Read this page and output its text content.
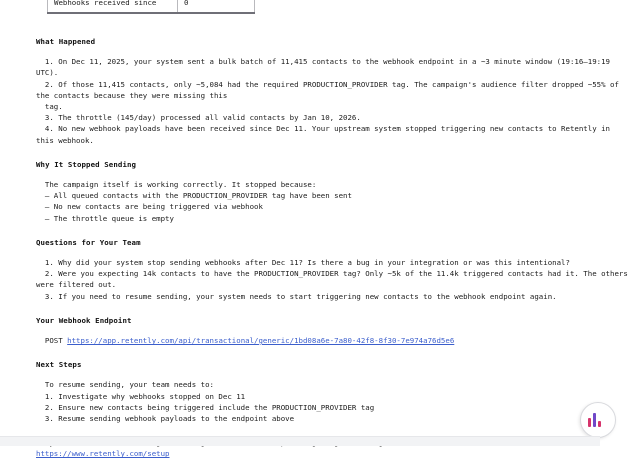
Webhooks received since	0
What Happened
1. On Dec 11, 2025, your system sent a bulk batch of 11,415 contacts to the webhook endpoint in a ~3 minute window (19:16–19:19
UTC).
2. Of those 11,415 contacts, only ~5,084 had the required PRODUCTION_PROVIDER tag. The campaign's audience filter dropped ~55% of
the contacts because they were missing this
tag.
3. The throttle (145/day) processed all valid contacts by Jan 10, 2026.
4. No new webhook payloads have been received since Dec 11. Your upstream system stopped triggering new contacts to Retently in
this webhook.
Why It Stopped Sending
The campaign itself is working correctly. It stopped because:
– All queued contacts with the PRODUCTION_PROVIDER tag have been sent
– No new contacts are being triggered via webhook
– The throttle queue is empty
Questions for Your Team
1. Why did your system stop sending webhooks after Dec 11? Is there a bug in your integration or was this intentional?
2. Were you expecting 14k contacts to have the PRODUCTION_PROVIDER tag? Only ~5k of the 11.4k triggered contacts had it. The others
were filtered out.
3. If you need to resume sending, your system needs to start triggering new contacts to the webhook endpoint again.
Your Webhook Endpoint
POST https://app.retently.com/api/transactional/generic/1bd08a6e-7a80-42f8-8f30-7e974a76d5e6
Next Steps
To resume sending, your team needs to:
1. Investigate why webhooks stopped on Dec 11
2. Ensure new contacts being triggered include the PRODUCTION_PROVIDER tag
3. Resume sending webhook payloads to the endpoint above
https://www.retently.com/setup
